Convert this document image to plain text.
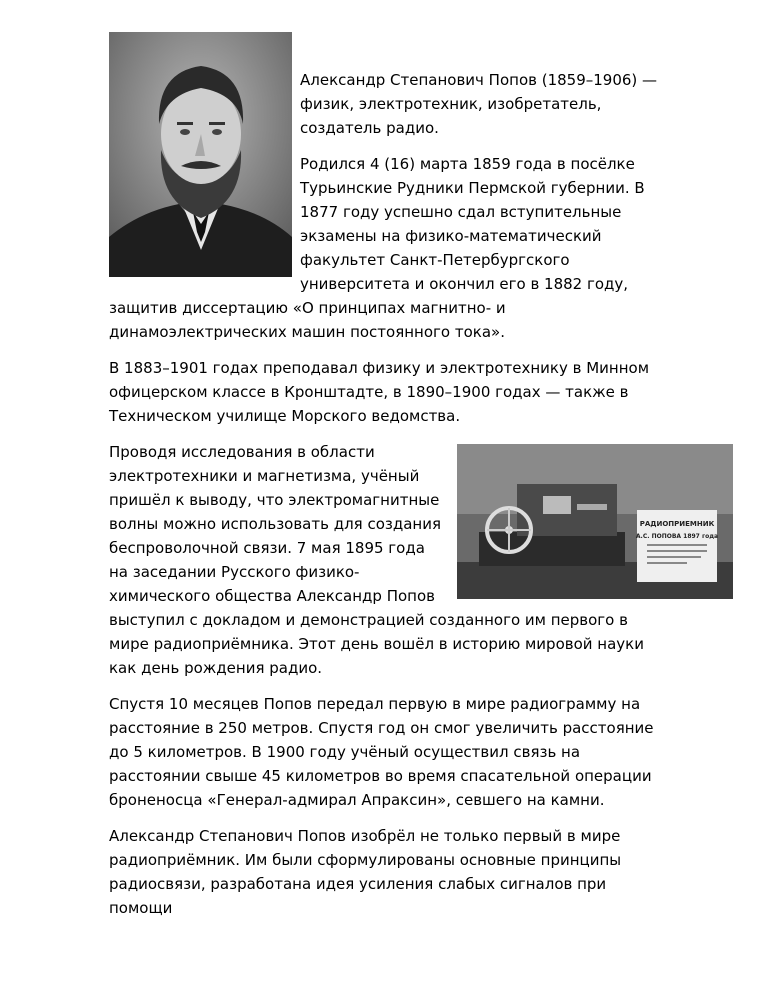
Александр Степанович Попов (1859–1906) — физик, электротехник, изобретатель, создатель радио.

Родился 4 (16) марта 1859 года в посёлке Турьинские Рудники Пермской губернии. В 1877 году успешно сдал вступительные экзамены на физико-математический факультет Санкт-Петербургского университета и окончил его в 1882 году, защитив диссертацию «О принципах магнитно- и динамоэлектрических машин постоянного тока».

В 1883–1901 годах преподавал физику и электротехнику в Минном офицерском классе в Кронштадте, в 1890–1900 годах — также в Техническом училище Морского ведомства.

РАДИОПРИЕМНИК
А.С. ПОПОВА 1897 года

Проводя исследования в области электротехники и магнетизма, учёный пришёл к выводу, что электромагнитные волны можно использовать для создания беспроволочной связи. 7 мая 1895 года на заседании Русского физико-химического общества Александр Попов выступил с докладом и демонстрацией созданного им первого в мире радиоприёмника. Этот день вошёл в историю мировой науки как день рождения радио.

Спустя 10 месяцев Попов передал первую в мире радиограмму на расстояние в 250 метров. Спустя год он смог увеличить расстояние до 5 километров. В 1900 году учёный осуществил связь на расстоянии свыше 45 километров во время спасательной операции броненосца «Генерал-адмирал Апраксин», севшего на камни.

Александр Степанович Попов изобрёл не только первый в мире радиоприёмник. Им были сформулированы основные принципы радиосвязи, разработана идея усиления слабых сигналов при помощи
